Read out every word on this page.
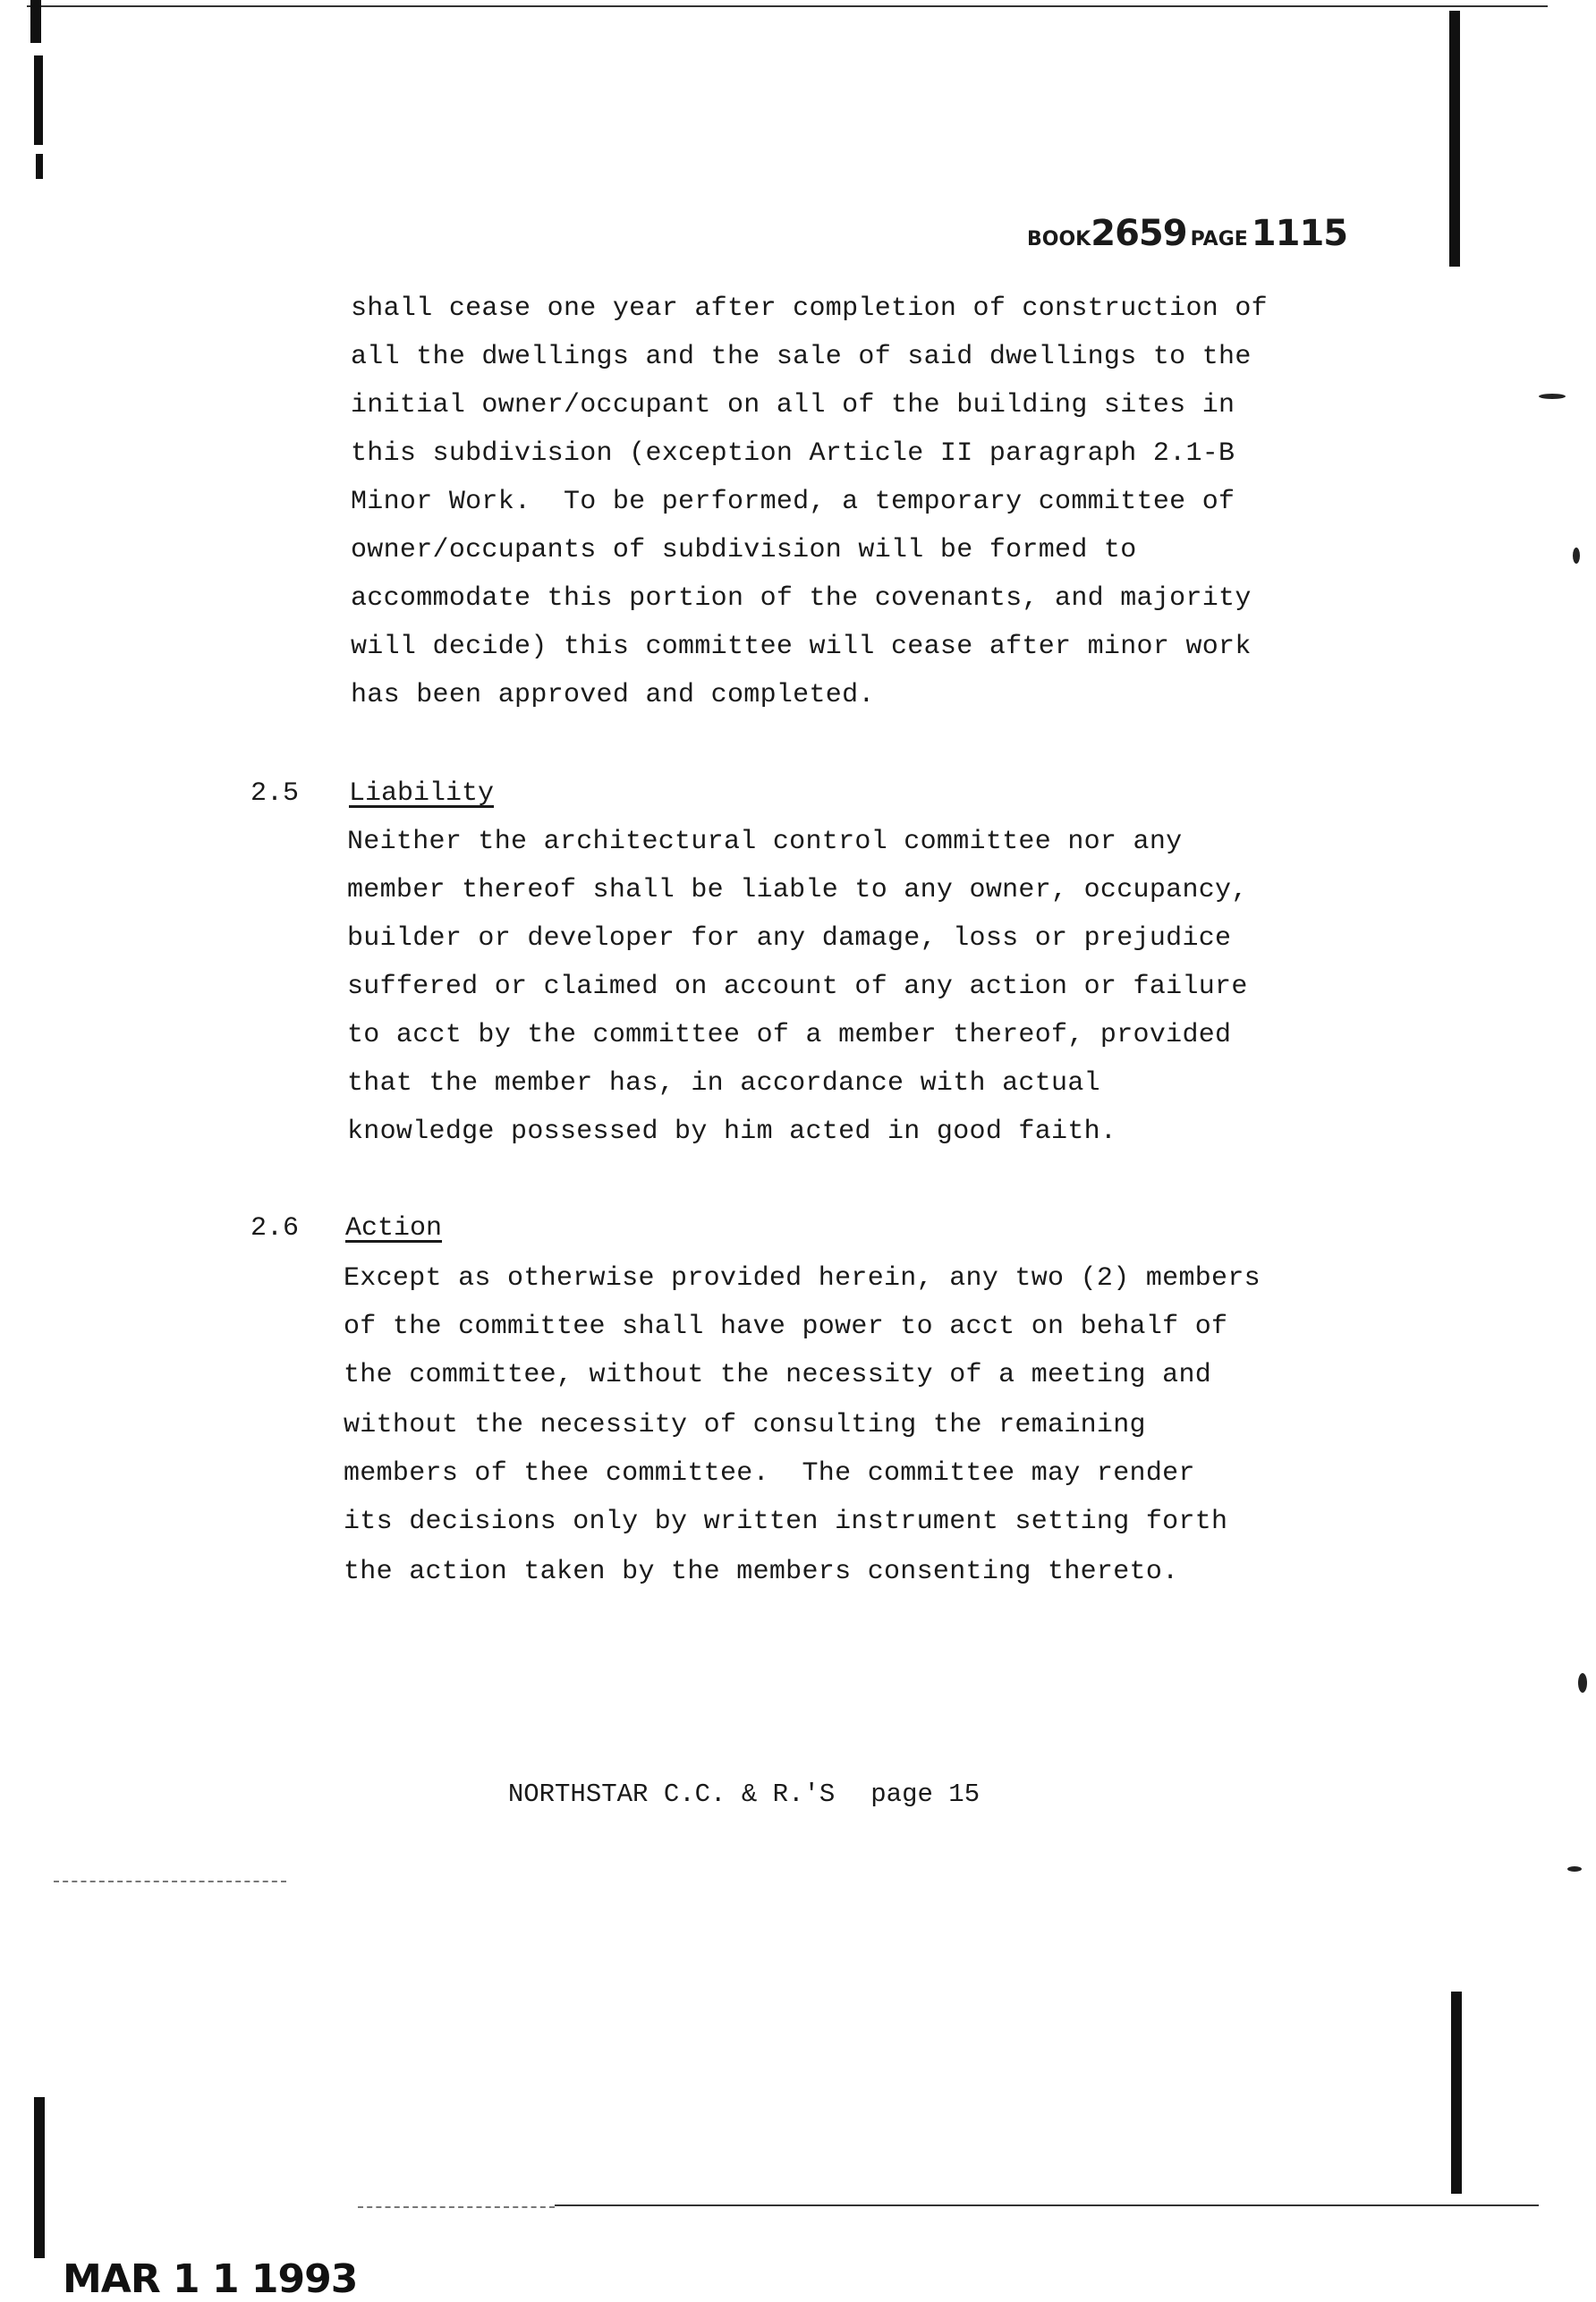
BOOK2659 PAGE 1115
shall cease one year after completion of construction of
all the dwellings and the sale of said dwellings to the
initial owner/occupant on all of the building sites in
this subdivision (exception Article II paragraph 2.1-B
Minor Work.  To be performed, a temporary committee of
owner/occupants of subdivision will be formed to
accommodate this portion of the covenants, and majority
will decide) this committee will cease after minor work
has been approved and completed.
2.5 Liability
Neither the architectural control committee nor any
member thereof shall be liable to any owner, occupancy,
builder or developer for any damage, loss or prejudice
suffered or claimed on account of any action or failure
to acct by the committee of a member thereof, provided
that the member has, in accordance with actual
knowledge possessed by him acted in good faith.
2.6 Action
Except as otherwise provided herein, any two (2) members
of the committee shall have power to acct on behalf of
the committee, without the necessity of a meeting and
without the necessity of consulting the remaining
members of thee committee.  The committee may render
its decisions only by written instrument setting forth
the action taken by the members consenting thereto.

NORTHSTAR C.C. & R.'S page 15

MAR 1 1 1993
